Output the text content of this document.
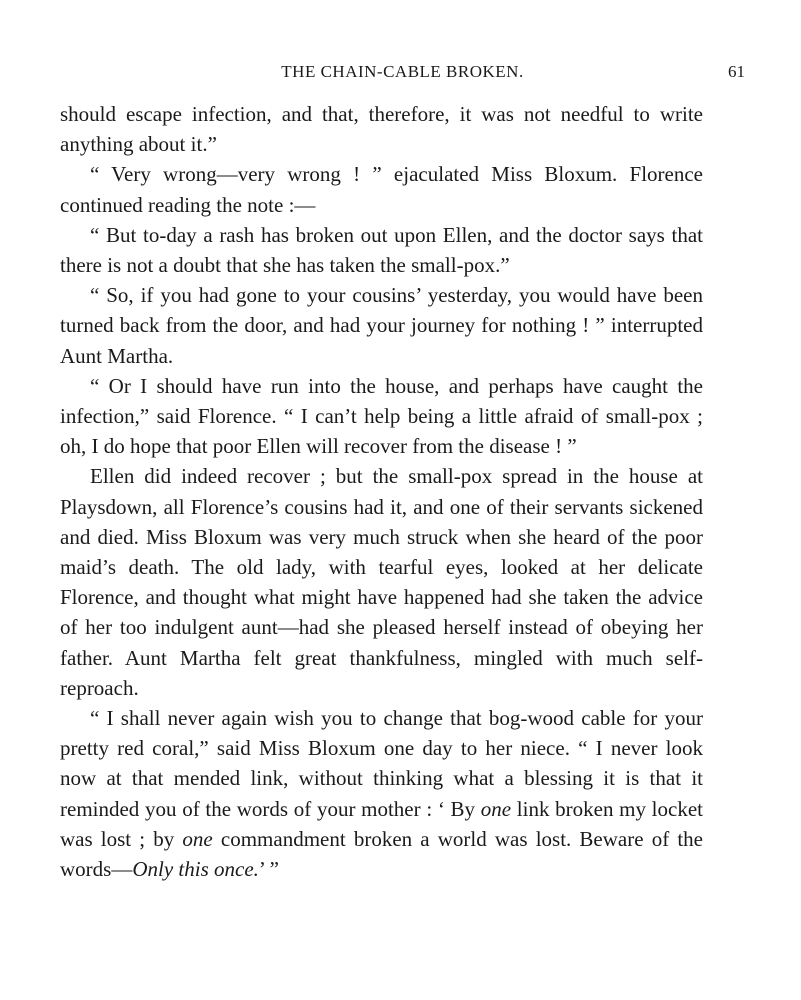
THE CHAIN-CABLE BROKEN.	61

should escape infection, and that, therefore, it was not needful to write anything about it.”

“ Very wrong—very wrong ! ” ejaculated Miss Bloxum. Florence continued reading the note :—

“ But to-day a rash has broken out upon Ellen, and the doctor says that there is not a doubt that she has taken the small-pox.”

“ So, if you had gone to your cousins’ yesterday, you would have been turned back from the door, and had your journey for nothing ! ” interrupted Aunt Martha.

“ Or I should have run into the house, and perhaps have caught the infection,” said Florence. “ I can’t help being a little afraid of small-pox ; oh, I do hope that poor Ellen will recover from the disease ! ”

Ellen did indeed recover ; but the small-pox spread in the house at Playsdown, all Florence’s cousins had it, and one of their servants sickened and died. Miss Bloxum was very much struck when she heard of the poor maid’s death. The old lady, with tearful eyes, looked at her delicate Florence, and thought what might have happened had she taken the advice of her too indulgent aunt—had she pleased herself instead of obeying her father. Aunt Martha felt great thankfulness, mingled with much self-reproach.

“ I shall never again wish you to change that bog-wood cable for your pretty red coral,” said Miss Bloxum one day to her niece. “ I never look now at that mended link, without thinking what a blessing it is that it reminded you of the words of your mother : ‘ By one link broken my locket was lost ; by one commandment broken a world was lost. Beware of the words—Only this once.’ ”
